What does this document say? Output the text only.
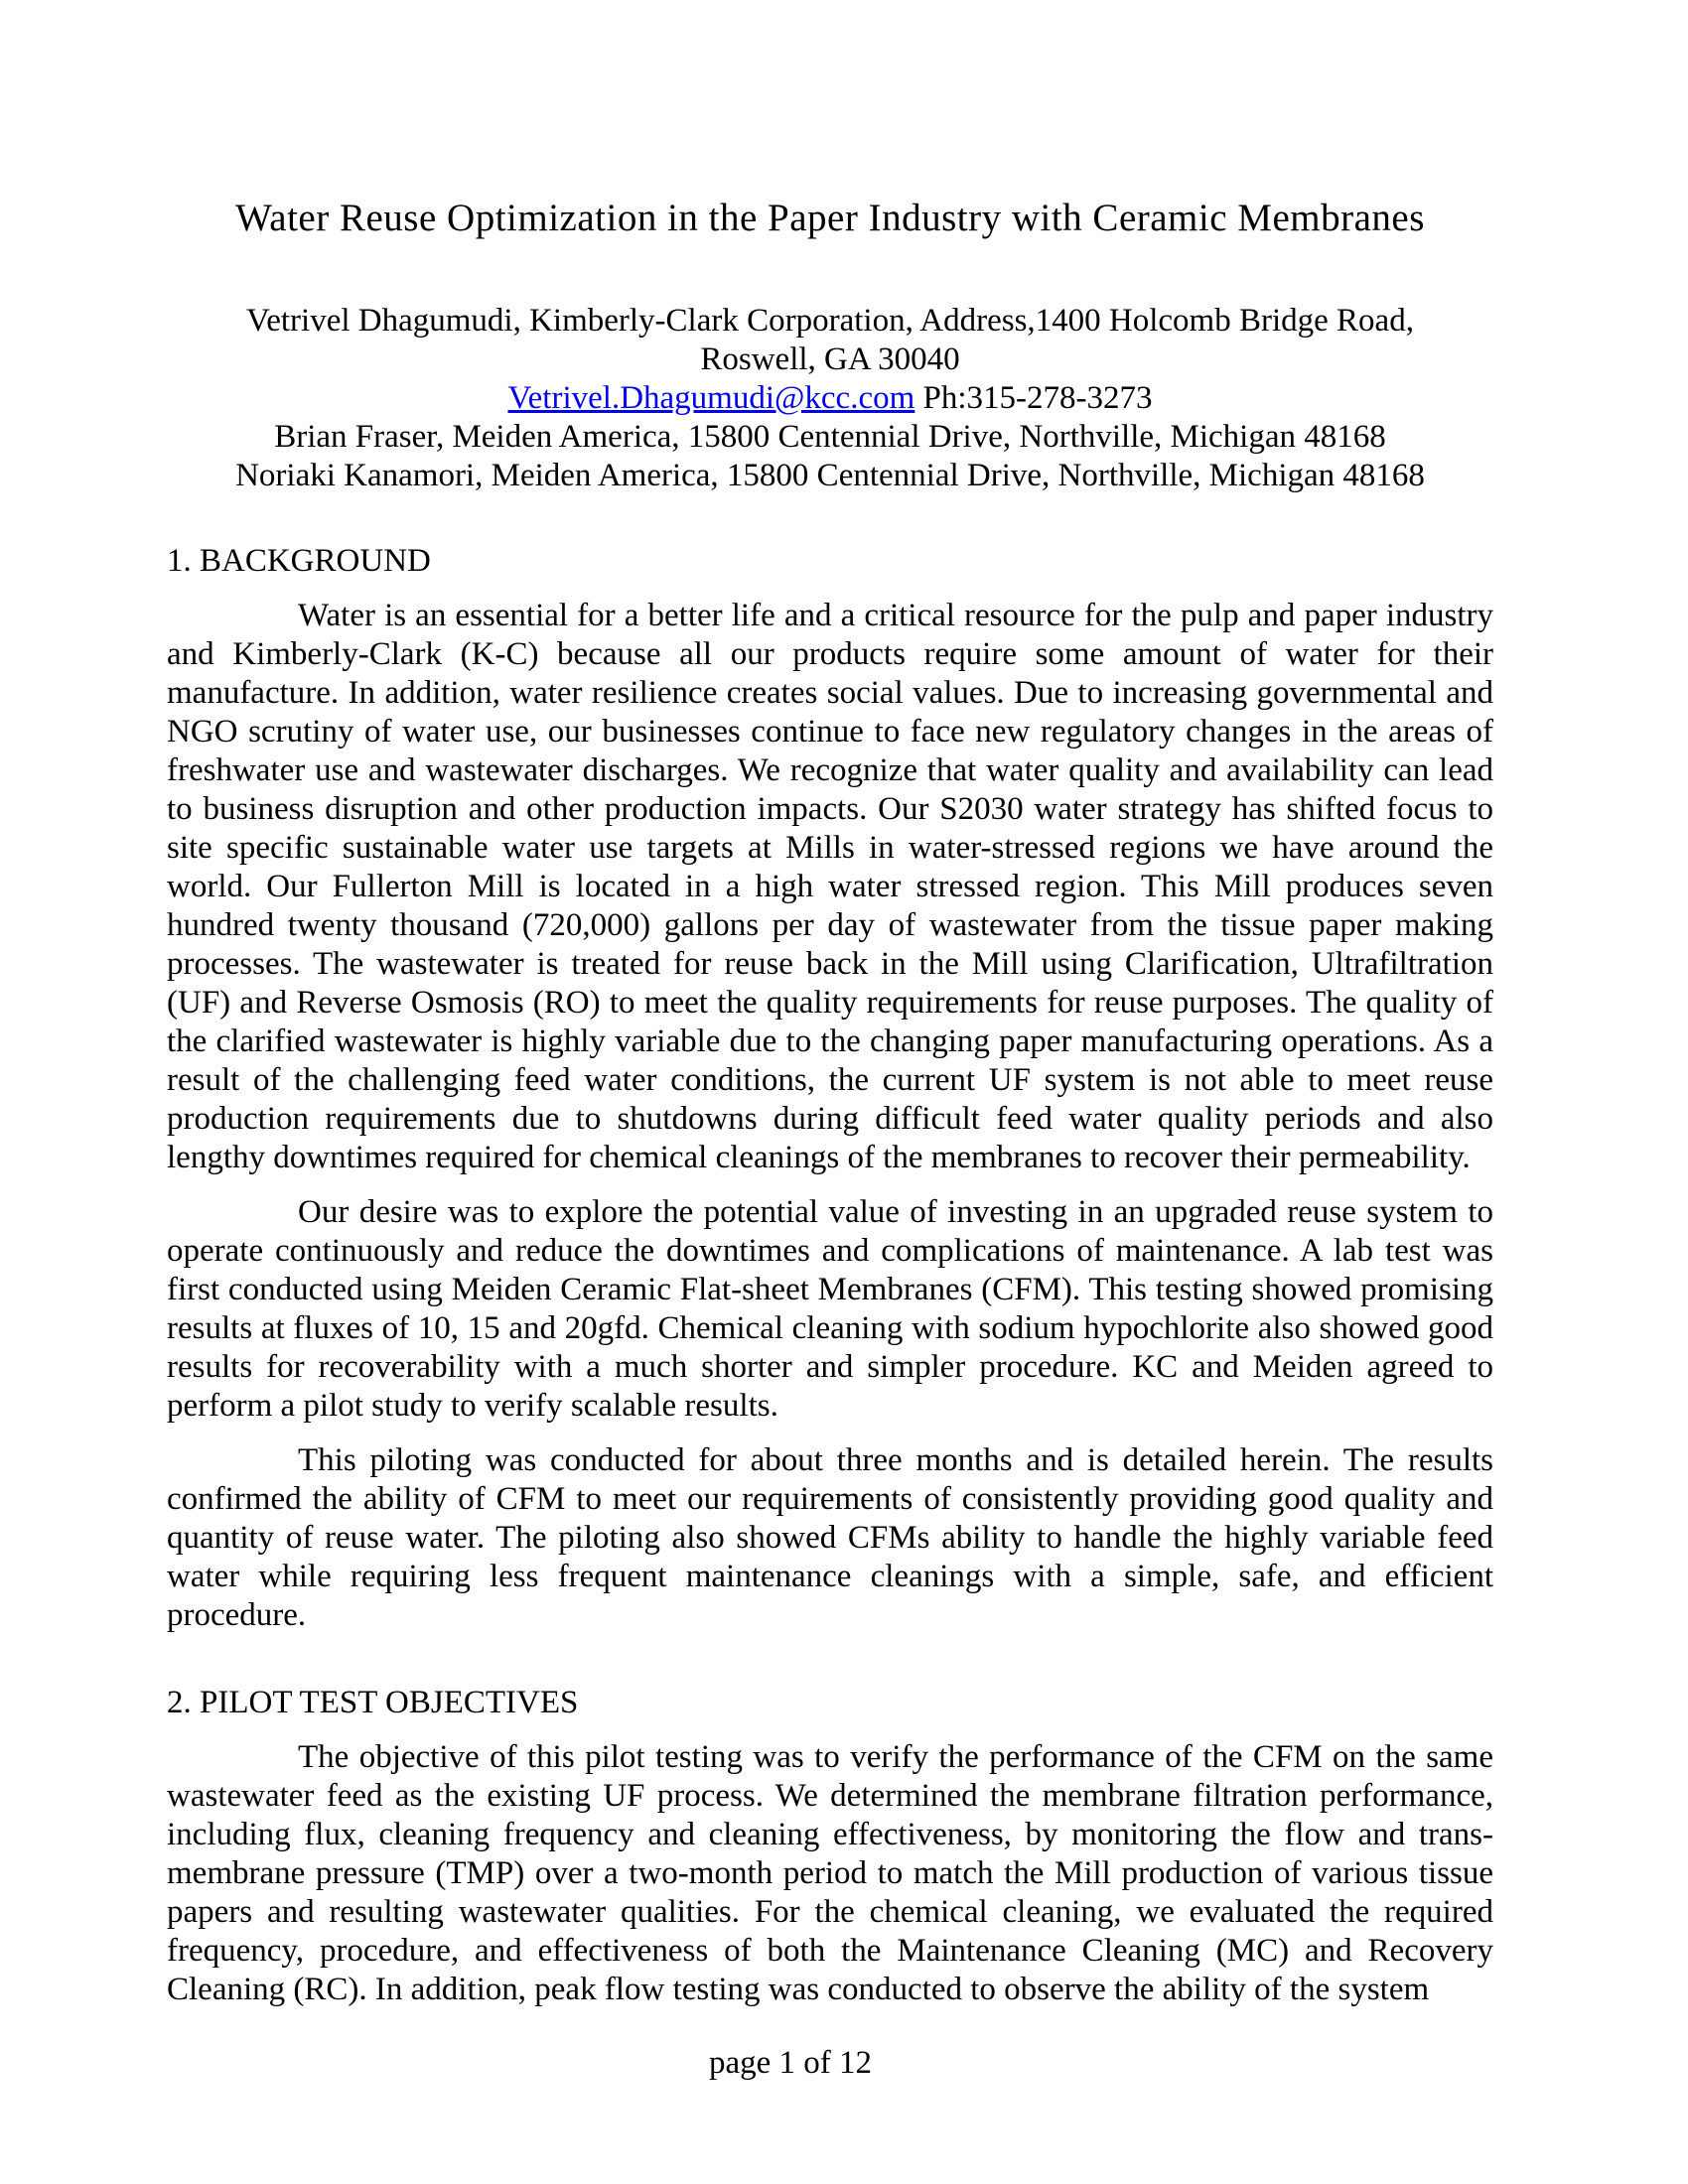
Water Reuse Optimization in the Paper Industry with Ceramic Membranes
Vetrivel Dhagumudi, Kimberly-Clark Corporation, Address,1400 Holcomb Bridge Road,
Roswell, GA 30040
Vetrivel.Dhagumudi@kcc.com Ph:315-278-3273
Brian Fraser, Meiden America, 15800 Centennial Drive, Northville, Michigan 48168
Noriaki Kanamori, Meiden America, 15800 Centennial Drive, Northville, Michigan 48168
1. BACKGROUND

Water is an essential for a better life and a critical resource for the pulp and paper industry and Kimberly-Clark (K-C) because all our products require some amount of water for their manufacture. In addition, water resilience creates social values. Due to increasing governmental and NGO scrutiny of water use, our businesses continue to face new regulatory changes in the areas of freshwater use and wastewater discharges. We recognize that water quality and availability can lead to business disruption and other production impacts. Our S2030 water strategy has shifted focus to site specific sustainable water use targets at Mills in water-stressed regions we have around the world. Our Fullerton Mill is located in a high water stressed region. This Mill produces seven hundred twenty thousand (720,000) gallons per day of wastewater from the tissue paper making processes. The wastewater is treated for reuse back in the Mill using Clarification, Ultrafiltration (UF) and Reverse Osmosis (RO) to meet the quality requirements for reuse purposes. The quality of the clarified wastewater is highly variable due to the changing paper manufacturing operations. As a result of the challenging feed water conditions, the current UF system is not able to meet reuse production requirements due to shutdowns during difficult feed water quality periods and also lengthy downtimes required for chemical cleanings of the membranes to recover their permeability.

Our desire was to explore the potential value of investing in an upgraded reuse system to operate continuously and reduce the downtimes and complications of maintenance. A lab test was first conducted using Meiden Ceramic Flat-sheet Membranes (CFM). This testing showed promising results at fluxes of 10, 15 and 20gfd. Chemical cleaning with sodium hypochlorite also showed good results for recoverability with a much shorter and simpler procedure. KC and Meiden agreed to perform a pilot study to verify scalable results.

This piloting was conducted for about three months and is detailed herein. The results confirmed the ability of CFM to meet our requirements of consistently providing good quality and quantity of reuse water. The piloting also showed CFMs ability to handle the highly variable feed water while requiring less frequent maintenance cleanings with a simple, safe, and efficient procedure.

2. PILOT TEST OBJECTIVES

The objective of this pilot testing was to verify the performance of the CFM on the same wastewater feed as the existing UF process. We determined the membrane filtration performance, including flux, cleaning frequency and cleaning effectiveness, by monitoring the flow and trans-membrane pressure (TMP) over a two-month period to match the Mill production of various tissue papers and resulting wastewater qualities. For the chemical cleaning, we evaluated the required frequency, procedure, and effectiveness of both the Maintenance Cleaning (MC) and Recovery Cleaning (RC). In addition, peak flow testing was conducted to observe the ability of the system

page 1 of 12
